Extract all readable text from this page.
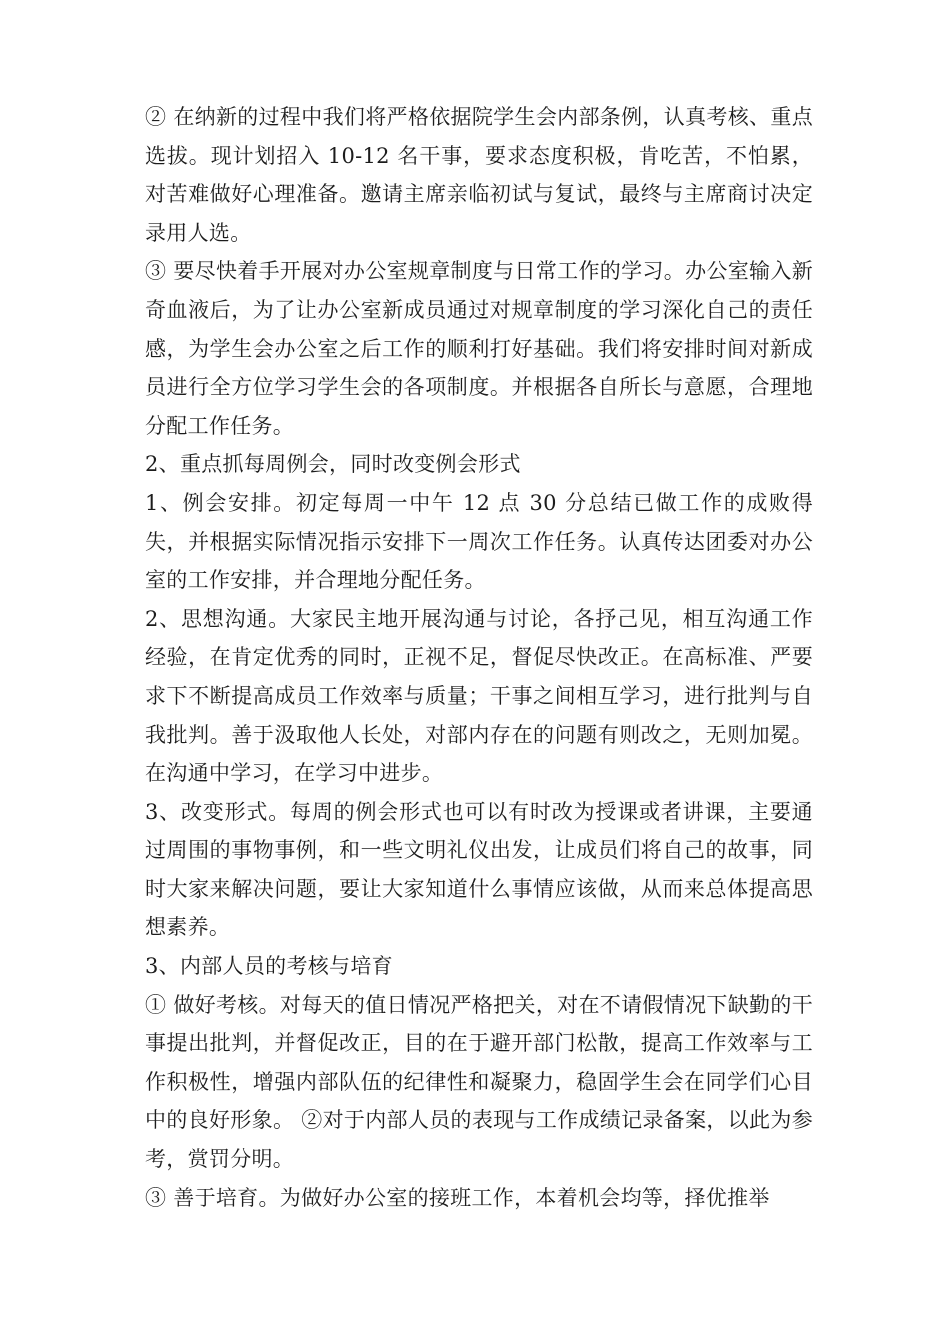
② 在纳新的过程中我们将严格依据院学生会内部条例，认真考核、重点选拔。现计划招入 10-12 名干事，要求态度积极，肯吃苦，不怕累，对苦难做好心理准备。邀请主席亲临初试与复试，最终与主席商讨决定录用人选。

③ 要尽快着手开展对办公室规章制度与日常工作的学习。办公室输入新奇血液后，为了让办公室新成员通过对规章制度的学习深化自己的责任感，为学生会办公室之后工作的顺利打好基础。我们将安排时间对新成员进行全方位学习学生会的各项制度。并根据各自所长与意愿，合理地分配工作任务。

2、重点抓每周例会，同时改变例会形式

1、例会安排。初定每周一中午 12 点 30 分总结已做工作的成败得失，并根据实际情况指示安排下一周次工作任务。认真传达团委对办公室的工作安排，并合理地分配任务。

2、思想沟通。大家民主地开展沟通与讨论，各抒己见，相互沟通工作经验，在肯定优秀的同时，正视不足，督促尽快改正。在高标准、严要求下不断提高成员工作效率与质量；干事之间相互学习，进行批判与自我批判。善于汲取他人长处，对部内存在的问题有则改之，无则加冕。在沟通中学习，在学习中进步。

3、改变形式。每周的例会形式也可以有时改为授课或者讲课，主要通过周围的事物事例，和一些文明礼仪出发，让成员们将自己的故事，同时大家来解决问题，要让大家知道什么事情应该做，从而来总体提高思想素养。

3、内部人员的考核与培育

① 做好考核。对每天的值日情况严格把关，对在不请假情况下缺勤的干事提出批判，并督促改正，目的在于避开部门松散，提高工作效率与工作积极性，增强内部队伍的纪律性和凝聚力，稳固学生会在同学们心目中的良好形象。 ②对于内部人员的表现与工作成绩记录备案，以此为参考，赏罚分明。

③ 善于培育。为做好办公室的接班工作，本着机会均等，择优推举
